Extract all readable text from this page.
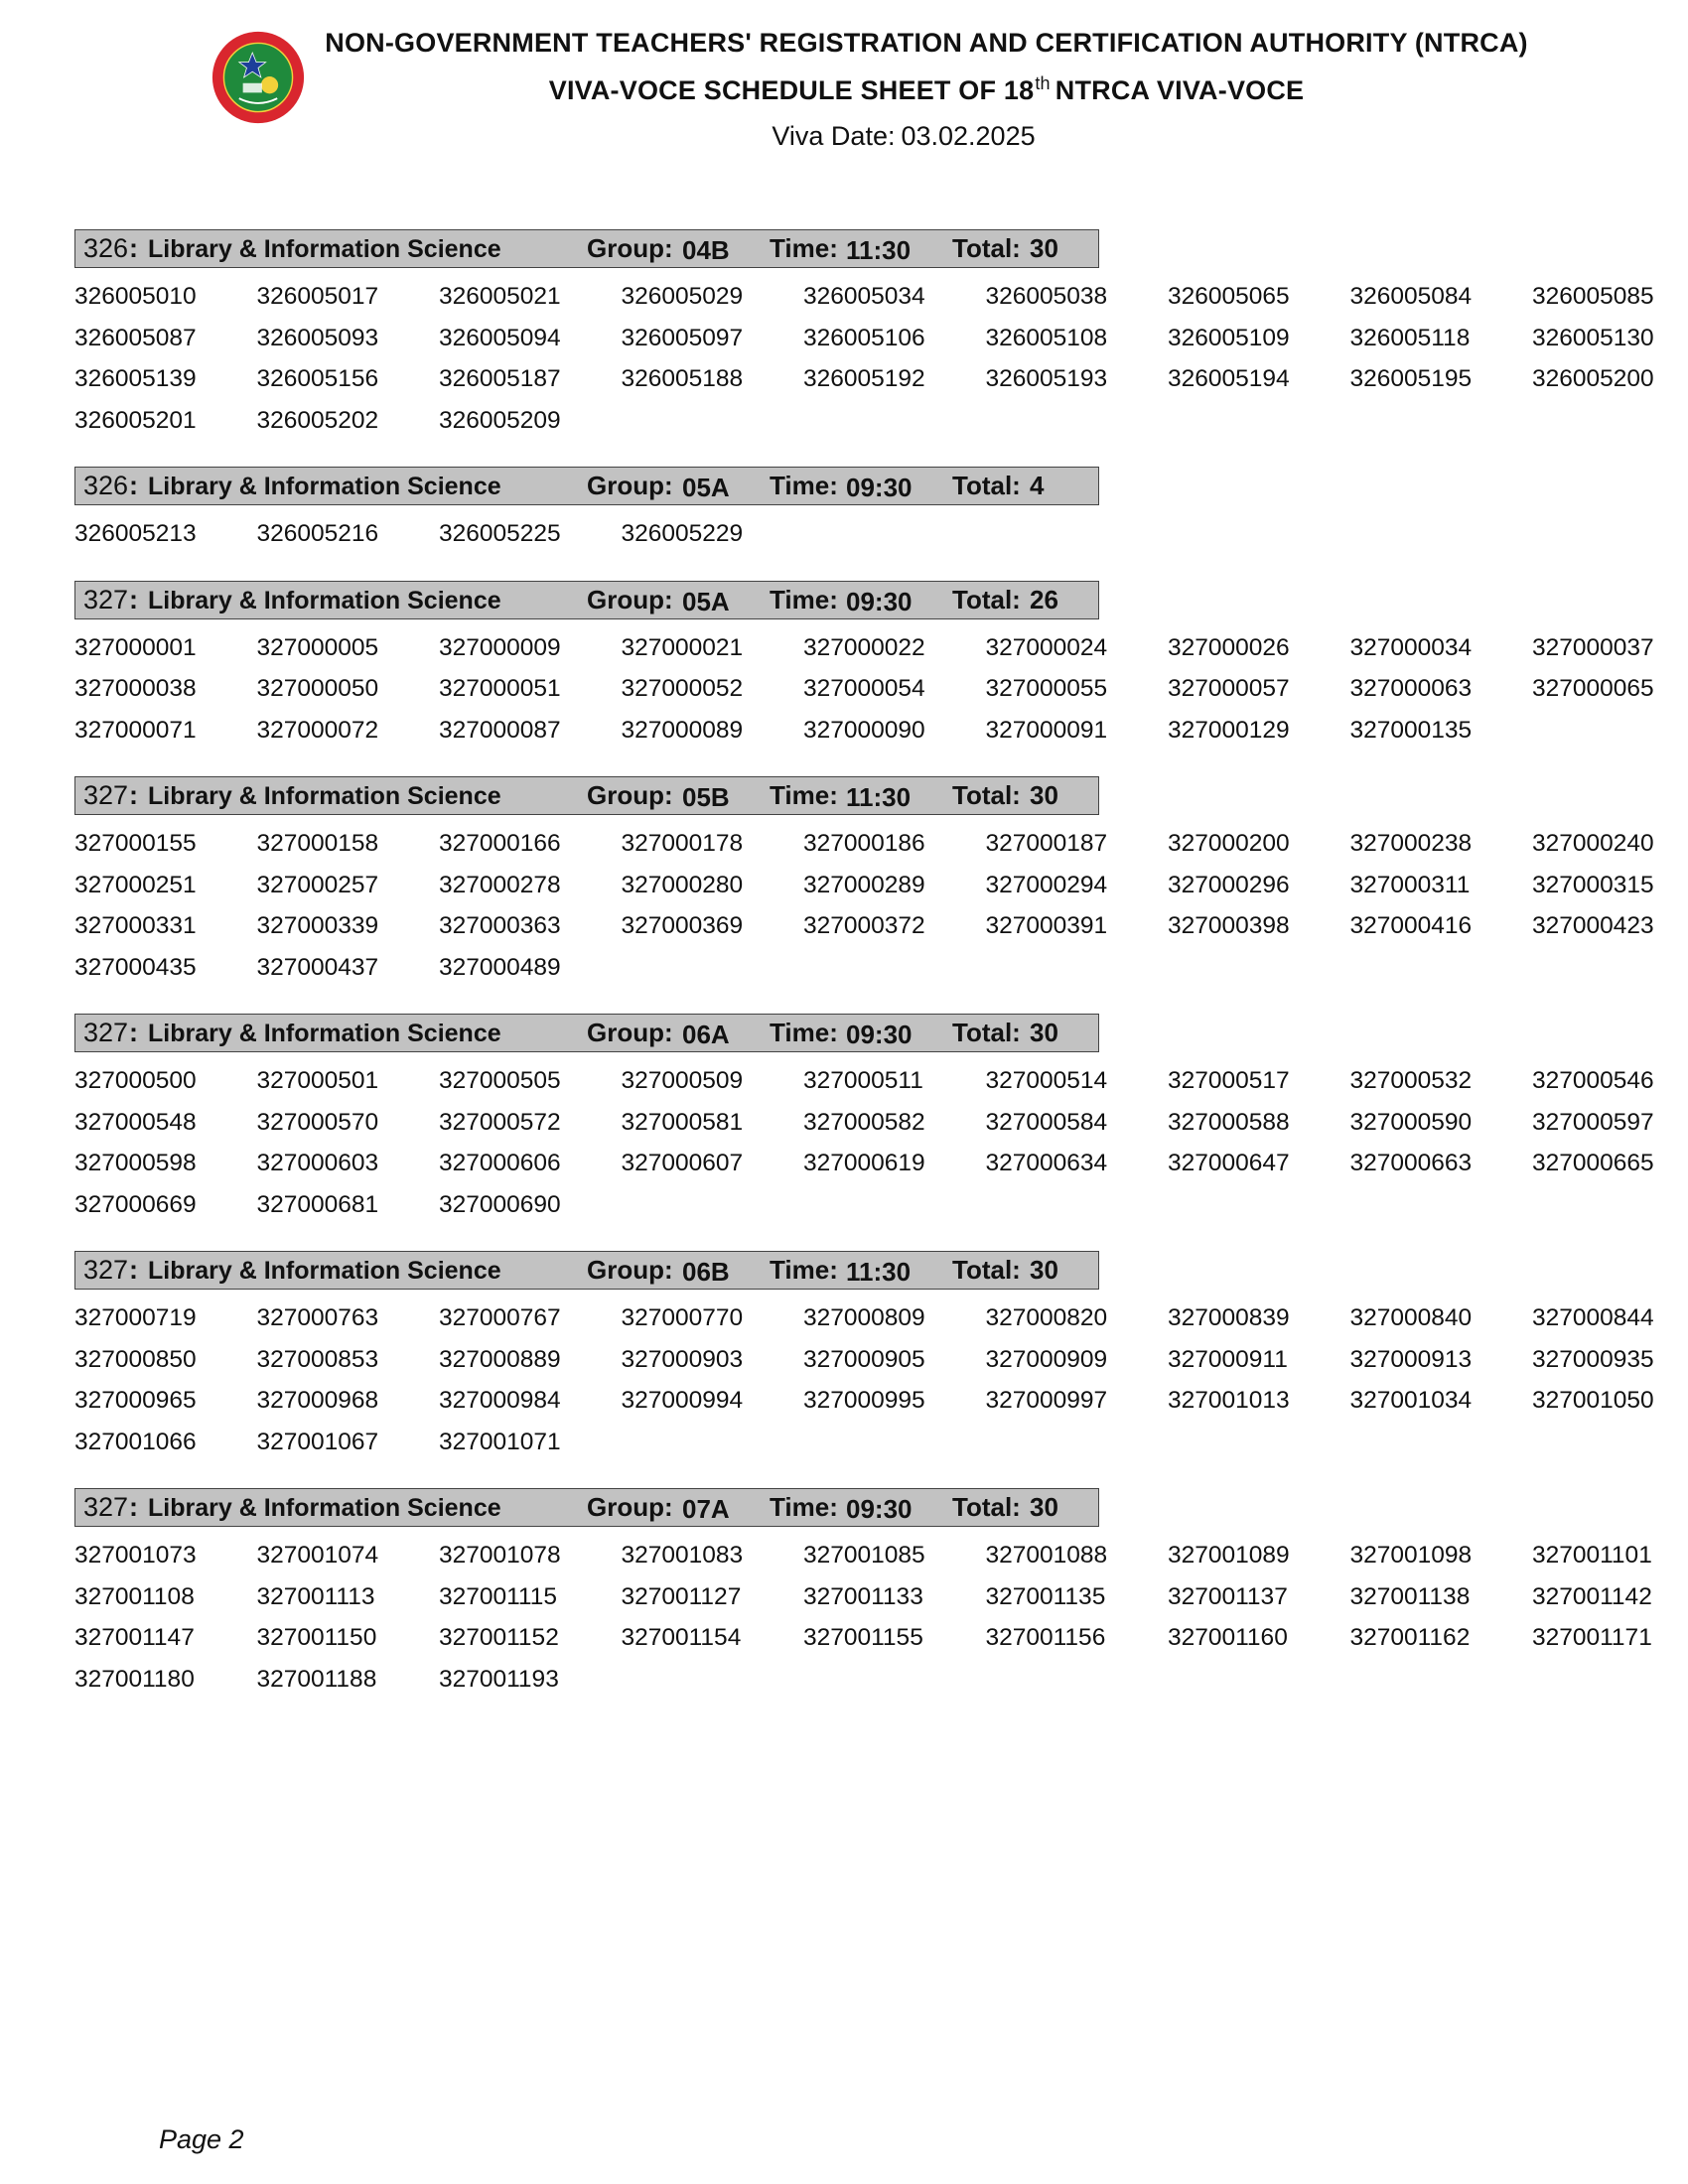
NON-GOVERNMENT TEACHERS' REGISTRATION AND CERTIFICATION AUTHORITY (NTRCA)
VIVA-VOCE SCHEDULE SHEET OF 18th NTRCA VIVA-VOCE
Viva Date: 03.02.2025
326 : Library & Information Science	Group: 04B Time: 11:30 Total: 30
326005010	326005017	326005021	326005029	326005034	326005038	326005065	326005084	326005085
326005087	326005093	326005094	326005097	326005106	326005108	326005109	326005118	326005130
326005139	326005156	326005187	326005188	326005192	326005193	326005194	326005195	326005200
326005201	326005202	326005209
326 : Library & Information Science	Group: 05A Time: 09:30 Total: 4
326005213	326005216	326005225	326005229
327 : Library & Information Science	Group: 05A Time: 09:30 Total: 26
327000001	327000005	327000009	327000021	327000022	327000024	327000026	327000034	327000037
327000038	327000050	327000051	327000052	327000054	327000055	327000057	327000063	327000065
327000071	327000072	327000087	327000089	327000090	327000091	327000129	327000135
327 : Library & Information Science	Group: 05B Time: 11:30 Total: 30
327000155	327000158	327000166	327000178	327000186	327000187	327000200	327000238	327000240
327000251	327000257	327000278	327000280	327000289	327000294	327000296	327000311	327000315
327000331	327000339	327000363	327000369	327000372	327000391	327000398	327000416	327000423
327000435	327000437	327000489
327 : Library & Information Science	Group: 06A Time: 09:30 Total: 30
327000500	327000501	327000505	327000509	327000511	327000514	327000517	327000532	327000546
327000548	327000570	327000572	327000581	327000582	327000584	327000588	327000590	327000597
327000598	327000603	327000606	327000607	327000619	327000634	327000647	327000663	327000665
327000669	327000681	327000690
327 : Library & Information Science	Group: 06B Time: 11:30 Total: 30
327000719	327000763	327000767	327000770	327000809	327000820	327000839	327000840	327000844
327000850	327000853	327000889	327000903	327000905	327000909	327000911	327000913	327000935
327000965	327000968	327000984	327000994	327000995	327000997	327001013	327001034	327001050
327001066	327001067	327001071
327 : Library & Information Science	Group: 07A Time: 09:30 Total: 30
327001073	327001074	327001078	327001083	327001085	327001088	327001089	327001098	327001101
327001108	327001113	327001115	327001127	327001133	327001135	327001137	327001138	327001142
327001147	327001150	327001152	327001154	327001155	327001156	327001160	327001162	327001171
327001180	327001188	327001193
Page 2
